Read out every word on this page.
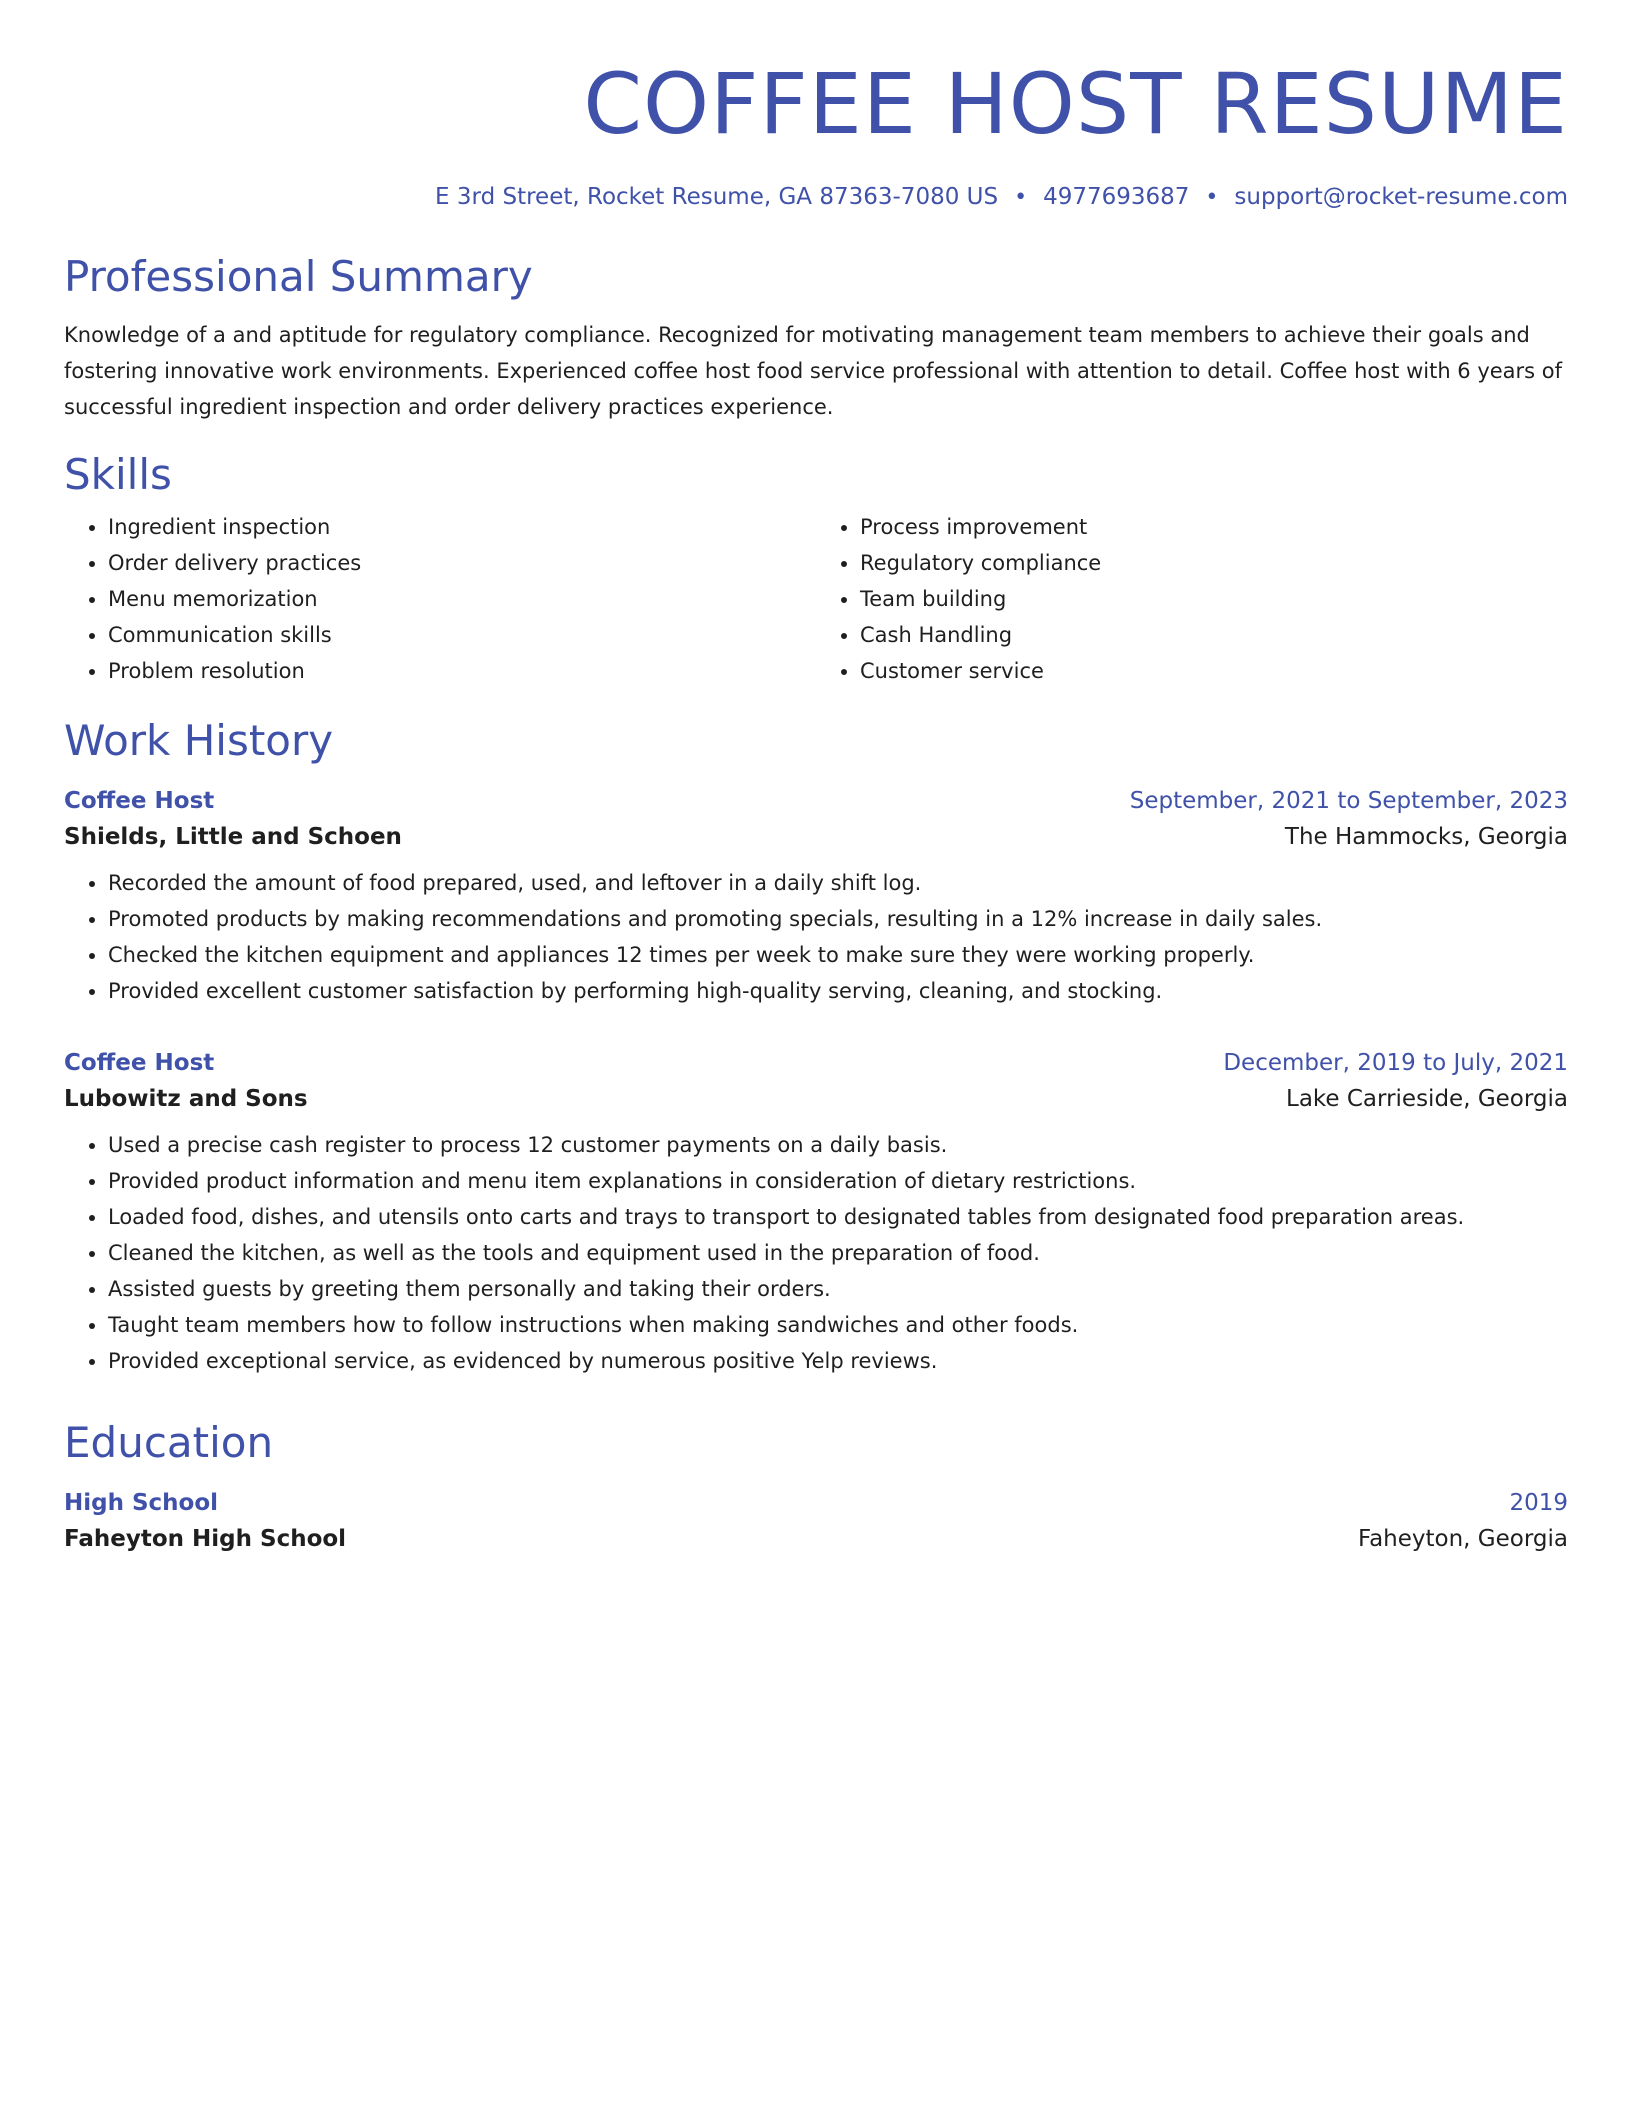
COFFEE HOST RESUME
E 3rd Street, Rocket Resume, GA 87363-7080 US • 4977693687 • support@rocket-resume.com
Professional Summary
Knowledge of a and aptitude for regulatory compliance. Recognized for motivating management team members to achieve their goals and fostering innovative work environments. Experienced coffee host food service professional with attention to detail. Coffee host with 6 years of successful ingredient inspection and order delivery practices experience.
Skills
• Ingredient inspection
• Order delivery practices
• Menu memorization
• Communication skills
• Problem resolution
• Process improvement
• Regulatory compliance
• Team building
• Cash Handling
• Customer service
Work History
Coffee Host	September, 2021 to September, 2023
Shields, Little and Schoen	The Hammocks, Georgia
• Recorded the amount of food prepared, used, and leftover in a daily shift log.
• Promoted products by making recommendations and promoting specials, resulting in a 12% increase in daily sales.
• Checked the kitchen equipment and appliances 12 times per week to make sure they were working properly.
• Provided excellent customer satisfaction by performing high-quality serving, cleaning, and stocking.
Coffee Host	December, 2019 to July, 2021
Lubowitz and Sons	Lake Carrieside, Georgia
• Used a precise cash register to process 12 customer payments on a daily basis.
• Provided product information and menu item explanations in consideration of dietary restrictions.
• Loaded food, dishes, and utensils onto carts and trays to transport to designated tables from designated food preparation areas.
• Cleaned the kitchen, as well as the tools and equipment used in the preparation of food.
• Assisted guests by greeting them personally and taking their orders.
• Taught team members how to follow instructions when making sandwiches and other foods.
• Provided exceptional service, as evidenced by numerous positive Yelp reviews.
Education
High School	2019
Faheyton High School	Faheyton, Georgia
